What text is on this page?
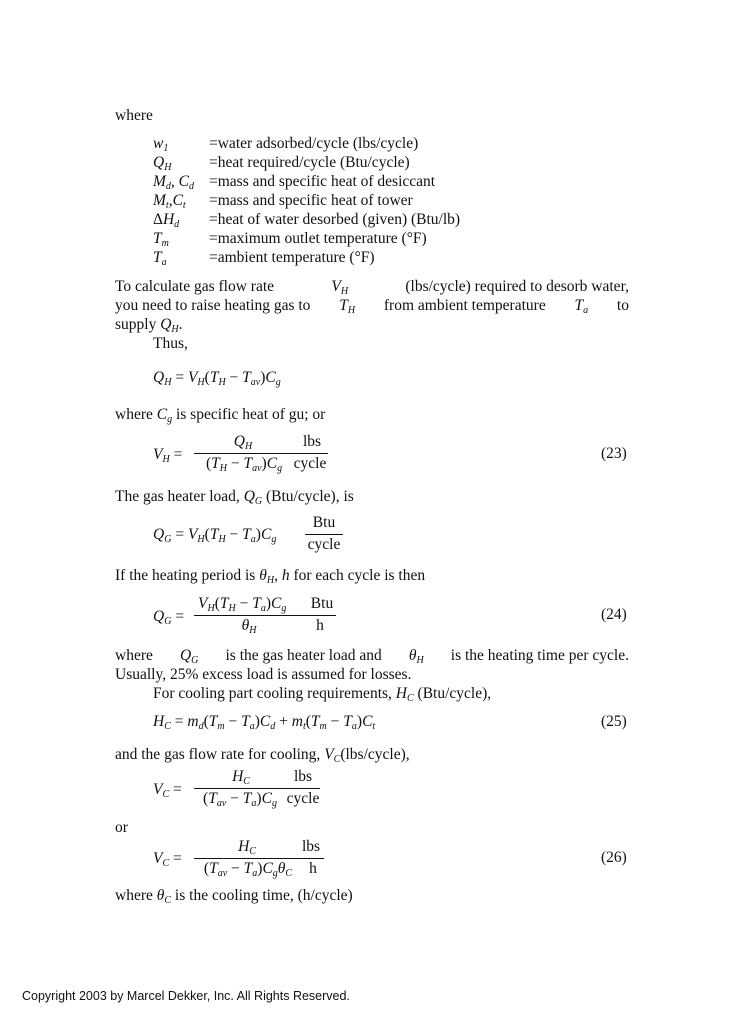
where
$w_1$	=water adsorbed/cycle (lbs/cycle)
$Q_H$ =heat required/cycle (Btu/cycle)
$M_d$, $C_d$ =mass and specific heat of desiccant
$M_t,C_t$ =mass and specific heat of tower
$\Delta H_d$ =heat of water desorbed (given) (Btu/lb)
$T_m$	=maximum outlet temperature (°F)
$T_a$	=ambient temperature (°F)
To calculate gas flow rate	$V_H$	(lbs/cycle) required to desorb water,
you need to raise heating gas to $T_H$ from ambient temperature $T_a$ to
supply $Q_H$.
Thus,
$Q_H = V_H(T_H - T_{av})C_g$
where $C_g$ is specific heat of gu; or
$V_H$ =
$Q_H$	lbs
$(T_H - T_{av})C_g$ cycle
(23)
The gas heater load, $Q_G$ (Btu/cycle), is
$Q_G = V_H(T_H - T_a)C_g$
Btu
cycle
If the heating period is $\theta_H$, h for each cycle is then
$Q_G$ =
$V_H(T_H - T_a)C_g$	Btu
$\theta_H$	h
(24)
where $Q_G$ is the gas heater load and $\theta_H$ is the heating time per cycle.
Usually, 25% excess load is assumed for losses.
For cooling part cooling requirements, $H_C$ (Btu/cycle),
$H_C = m_d(T_m - T_a)C_d + m_t(T_m - T_a)C_t$	(25)
and the gas flow rate for cooling, $V_C(lbs/cycle)$,
$V_C$ =
$H_C$	lbs
$(T_{av} - T_a)C_g$ cycle
or
$V_C$ =
$H_C$	lbs
$(T_{av} - T_a)C_g\theta_C$	h
(26)
where $\theta_C$ is the cooling time, (h/cycle)
Copyright 2003 by Marcel Dekker, Inc. All Rights Reserved.
